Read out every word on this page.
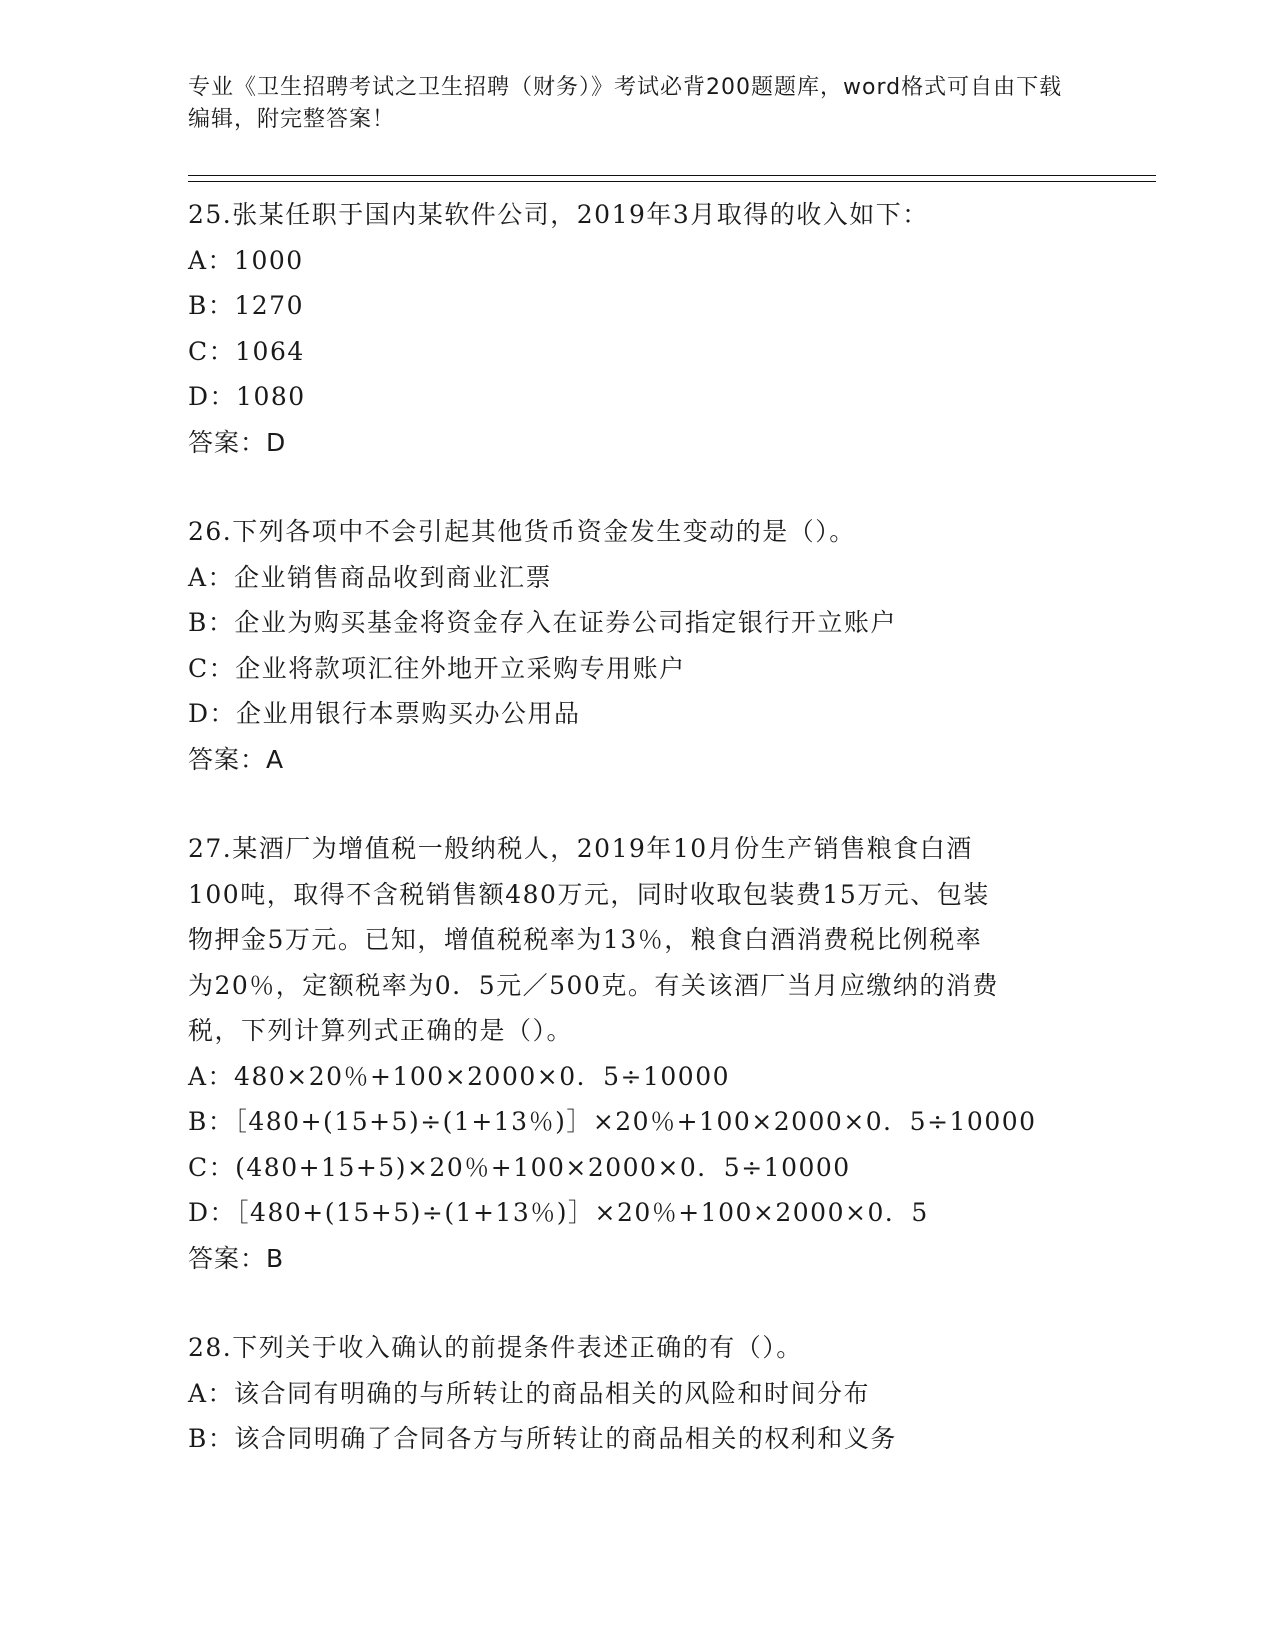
专业《卫生招聘考试之卫生招聘（财务）》考试必背200题题库，word格式可自由下载编辑，附完整答案！
25.张某任职于国内某软件公司，2019年3月取得的收入如下：
A：1000
B：1270
C：1064
D：1080
答案：D
26.下列各项中不会引起其他货币资金发生变动的是（）。
A：企业销售商品收到商业汇票
B：企业为购买基金将资金存入在证券公司指定银行开立账户
C：企业将款项汇往外地开立采购专用账户
D：企业用银行本票购买办公用品
答案：A
27.某酒厂为增值税一般纳税人，2019年10月份生产销售粮食白酒
100吨，取得不含税销售额480万元，同时收取包装费15万元、包装
物押金5万元。已知，增值税税率为13％，粮食白酒消费税比例税率
为20％，定额税率为0．5元／500克。有关该酒厂当月应缴纳的消费
税，下列计算列式正确的是（）。
A：480×20％+100×2000×0．5÷10000
B：［480+(15+5)÷(1+13％)］×20％+100×2000×0．5÷10000
C：(480+15+5)×20％+100×2000×0．5÷10000
D：［480+(15+5)÷(1+13％)］×20％+100×2000×0．5
答案：B
28.下列关于收入确认的前提条件表述正确的有（）。
A：该合同有明确的与所转让的商品相关的风险和时间分布
B：该合同明确了合同各方与所转让的商品相关的权利和义务
